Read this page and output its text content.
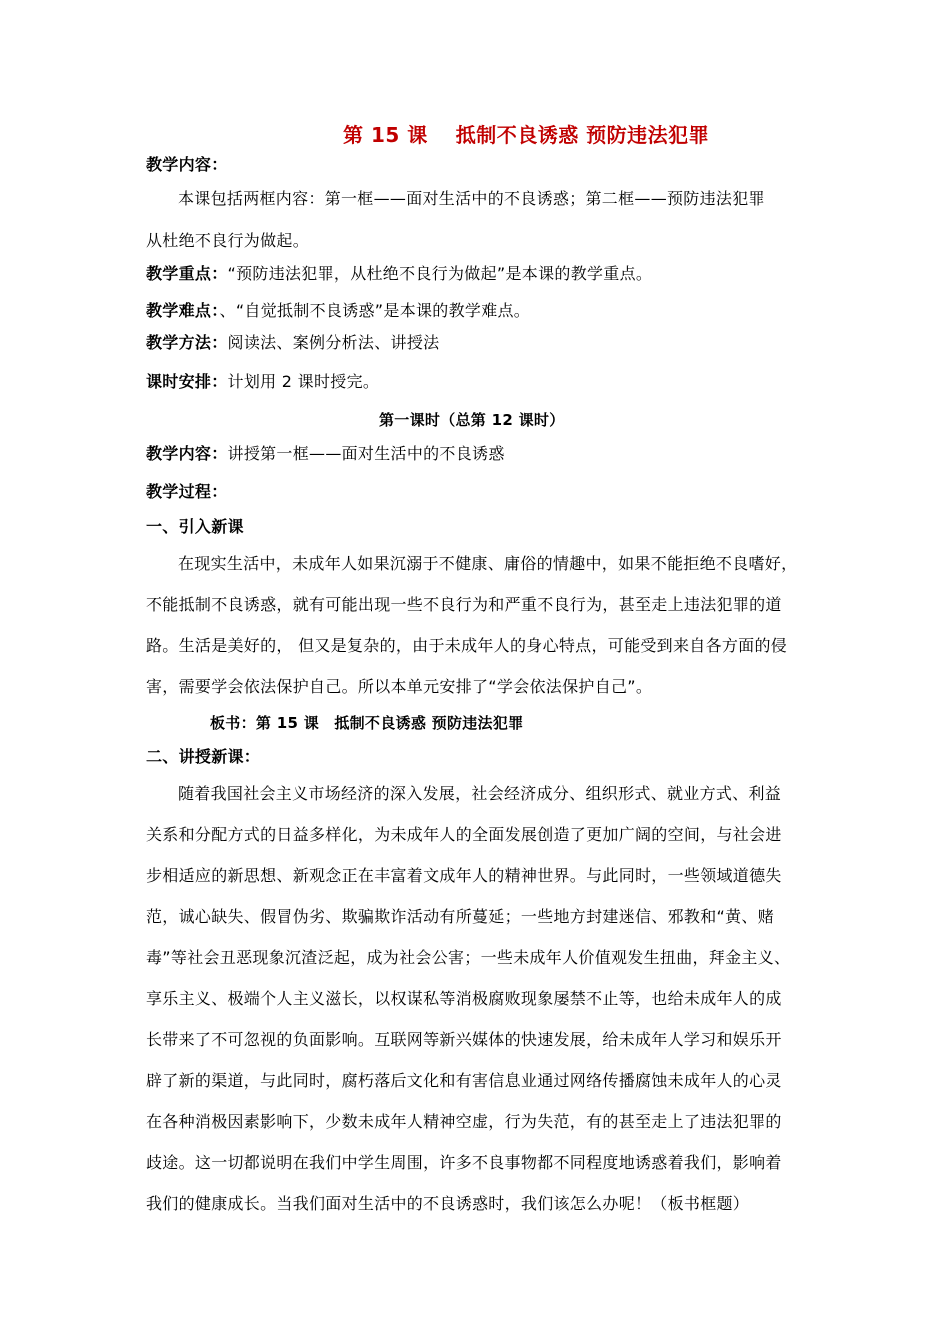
第 15 课　 抵制不良诱惑 预防违法犯罪
教学内容：
本课包括两框内容：第一框——面对生活中的不良诱惑；第二框——预防违法犯罪
从杜绝不良行为做起。
教学重点：“预防违法犯罪，从杜绝不良行为做起”是本课的教学重点。
教学难点：、“自觉抵制不良诱惑”是本课的教学难点。
教学方法：阅读法、案例分析法、讲授法
课时安排：计划用 2 课时授完。
第一课时（总第 12 课时）
教学内容：讲授第一框——面对生活中的不良诱惑
教学过程：
一、引入新课
在现实生活中，未成年人如果沉溺于不健康、庸俗的情趣中，如果不能拒绝不良嗜好，
不能抵制不良诱惑，就有可能出现一些不良行为和严重不良行为，甚至走上违法犯罪的道
路。生活是美好的， 但又是复杂的，由于未成年人的身心特点，可能受到来自各方面的侵
害，需要学会依法保护自己。所以本单元安排了“学会依法保护自己”。
板书：第 15 课　抵制不良诱惑 预防违法犯罪
二、讲授新课：
随着我国社会主义市场经济的深入发展，社会经济成分、组织形式、就业方式、利益
关系和分配方式的日益多样化，为未成年人的全面发展创造了更加广阔的空间，与社会进
步相适应的新思想、新观念正在丰富着文成年人的精神世界。与此同时，一些领域道德失
范，诚心缺失、假冒伪劣、欺骗欺诈活动有所蔓延；一些地方封建迷信、邪教和“黄、赌
毒”等社会丑恶现象沉渣泛起，成为社会公害；一些未成年人价值观发生扭曲，拜金主义、
享乐主义、极端个人主义滋长，以权谋私等消极腐败现象屡禁不止等，也给未成年人的成
长带来了不可忽视的负面影响。互联网等新兴媒体的快速发展，给未成年人学习和娱乐开
辟了新的渠道，与此同时，腐朽落后文化和有害信息业通过网络传播腐蚀未成年人的心灵
在各种消极因素影响下，少数未成年人精神空虚，行为失范，有的甚至走上了违法犯罪的
歧途。这一切都说明在我们中学生周围，许多不良事物都不同程度地诱惑着我们，影响着
我们的健康成长。当我们面对生活中的不良诱惑时，我们该怎么办呢！（板书框题）
